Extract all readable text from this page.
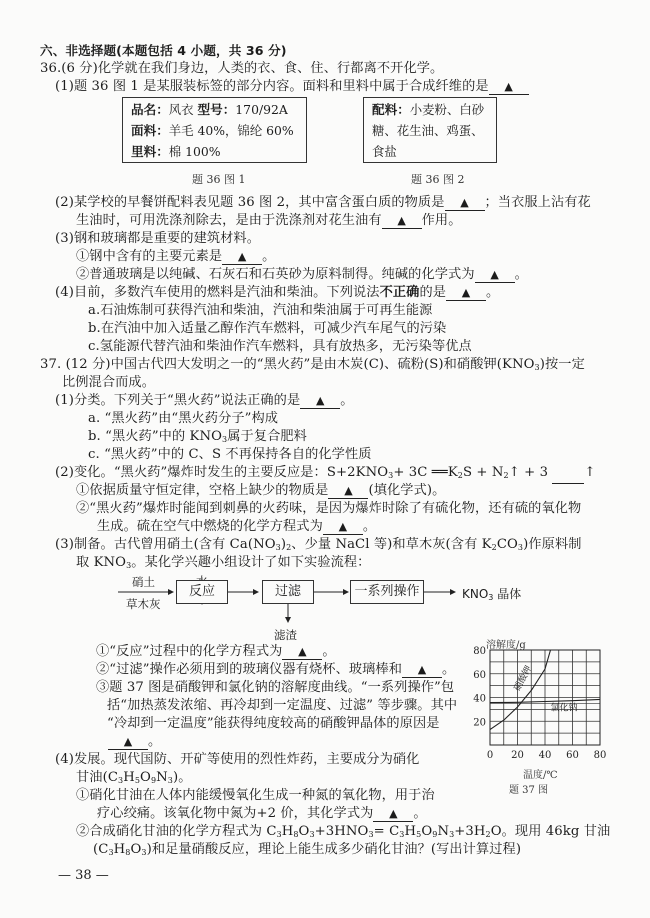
六、非选择题(本题包括 4 小题，共 36 分)
36.(6 分)化学就在我们身边，人类的衣、食、住、行都离不开化学。
(1)题 36 图 1 是某服装标签的部分内容。面料和里料中属于合成纤维的是 ▲
品名：风衣 型号：170/92A
面料：羊毛 40%，锦纶 60%
里料：棉 100%
题 36 图 1
配料：小麦粉、白砂
糖、花生油、鸡蛋、
食盐
题 36 图 2
(2)某学校的早餐饼配料表见题 36 图 2，其中富含蛋白质的物质是 ▲ ；当衣服上沾有花
生油时，可用洗涤剂除去，是由于洗涤剂对花生油有 ▲ 作用。
(3)钢和玻璃都是重要的建筑材料。
①钢中含有的主要元素是 ▲ 。
②普通玻璃是以纯碱、石灰石和石英砂为原料制得。纯碱的化学式为 ▲ 。
(4)目前，多数汽车使用的燃料是汽油和柴油。下列说法不正确的是 ▲ 。
a.石油炼制可获得汽油和柴油，汽油和柴油属于可再生能源
b.在汽油中加入适量乙醇作汽车燃料，可减少汽车尾气的污染
c.氢能源代替汽油和柴油作汽车燃料，具有放热多，无污染等优点
37. (12 分)中国古代四大发明之一的“黑火药”是由木炭(C)、硫粉(S)和硝酸钾$(KNO_3)$按一定
比例混合而成。
(1)分类。下列关于“黑火药”说法正确的是 ▲ 。
a. “黑火药”由“黑火药分子”构成
b. “黑火药”中的 $KNO_3$属于复合肥料
c. “黑火药”中的 C、S 不再保持各自的化学性质
(2)变化。“黑火药”爆炸时发生的主要反应是：$S+2KNO_3+ 3C$ $══K_2S$ + $N_2↑ + 3$	↑
①依据质量守恒定律，空格上缺少的物质是 ▲ (填化学式)。
②“黑火药”爆炸时能闻到刺鼻的火药味，是因为爆炸时除了有硫化物，还有硫的氧化物
生成。硫在空气中燃烧的化学方程式为 ▲ 。
(3)制备。古代曾用硝土(含有 $Ca(NO_3)_2$、少量 NaCl 等)和草木灰(含有 $K_2CO_3$)作原料制
取 $KNO_3$。某化学兴趣小组设计了如下实验流程：
硝土
草木灰
反应	过滤	一系列操作	$KNO_3$ 晶体
滤渣
①“反应”过程中的化学方程式为 ▲ 。
②“过滤”操作必须用到的玻璃仪器有烧杯、玻璃棒和 ▲ 。
③题 37 图是硝酸钾和氯化钠的溶解度曲线。“一系列操作”包
括“加热蒸发浓缩、再冷却到一定温度、过滤” 等步骤。其中
“冷却到一定温度”能获得纯度较高的硝酸钾晶体的原因是
▲ 。
(4)发展。现代国防、开矿等使用的烈性炸药，主要成分为硝化
甘油$(C_3H_5O_9N_3)$。
①硝化甘油在人体内能缓慢氧化生成一种氮的氧化物，用于治
疗心绞痛。该氧化物中氮为+2 价，其化学式为 ▲ 。
②合成硝化甘油的化学方程式为 $C_3H_8O_3+3HNO_3= C_3H_5O_9N_3+3H_2O$。现用 46kg 甘油
$(C_3H_8O_3)$和足量硝酸反应，理论上能生成多少硝化甘油？(写出计算过程)
0 20 40 60 80
20
40
60
80
硝酸钾
氯化钠
溶解度/g
温度/℃
题 37 图
— 38 —
